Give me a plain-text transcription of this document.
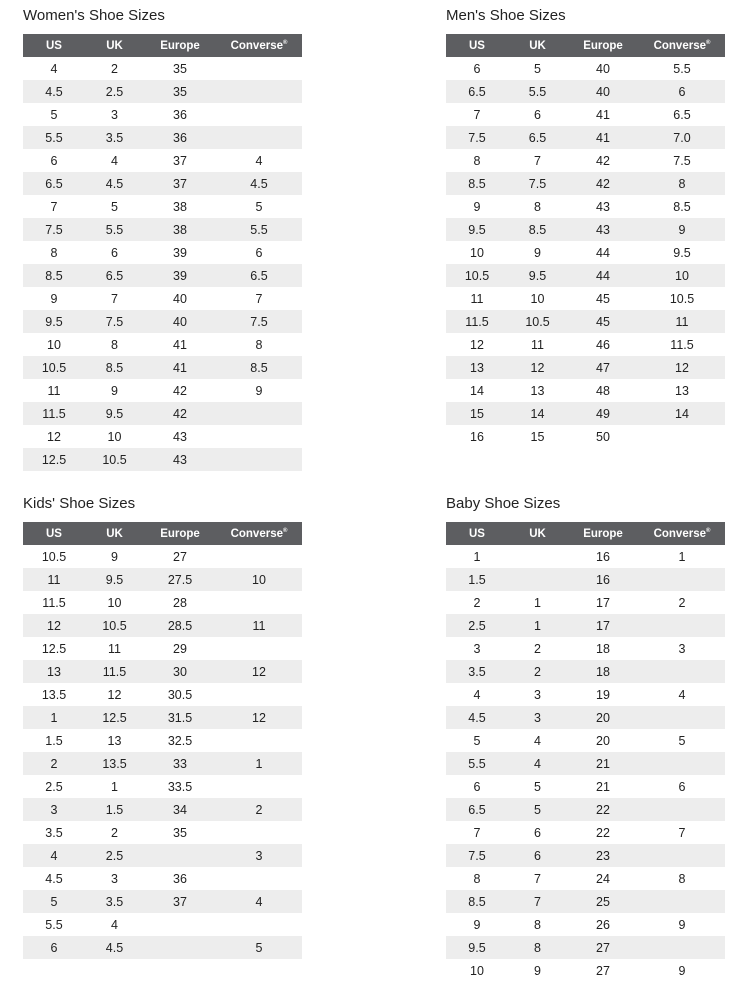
Women's Shoe Sizes
US	UK	Europe	Converse®
4	2	35	
4.5	2.5	35	
5	3	36	
5.5	3.5	36	
6	4	37	4
6.5	4.5	37	4.5
7	5	38	5
7.5	5.5	38	5.5
8	6	39	6
8.5	6.5	39	6.5
9	7	40	7
9.5	7.5	40	7.5
10	8	41	8
10.5	8.5	41	8.5
11	9	42	9
11.5	9.5	42	
12	10	43	
12.5	10.5	43	
Men's Shoe Sizes
US	UK	Europe	Converse®
6	5	40	5.5
6.5	5.5	40	6
7	6	41	6.5
7.5	6.5	41	7.0
8	7	42	7.5
8.5	7.5	42	8
9	8	43	8.5
9.5	8.5	43	9
10	9	44	9.5
10.5	9.5	44	10
11	10	45	10.5
11.5	10.5	45	11
12	11	46	11.5
13	12	47	12
14	13	48	13
15	14	49	14
16	15	50	
Kids' Shoe Sizes
US	UK	Europe	Converse®
10.5	9	27	
11	9.5	27.5	10
11.5	10	28	
12	10.5	28.5	11
12.5	11	29	
13	11.5	30	12
13.5	12	30.5	
1	12.5	31.5	12
1.5	13	32.5	
2	13.5	33	1
2.5	1	33.5	
3	1.5	34	2
3.5	2	35	
4	2.5		3
4.5	3	36	
5	3.5	37	4
5.5	4		
6	4.5		5
Baby Shoe Sizes
US	UK	Europe	Converse®
1		16	1
1.5		16	
2	1	17	2
2.5	1	17	
3	2	18	3
3.5	2	18	
4	3	19	4
4.5	3	20	
5	4	20	5
5.5	4	21	
6	5	21	6
6.5	5	22	
7	6	22	7
7.5	6	23	
8	7	24	8
8.5	7	25	
9	8	26	9
9.5	8	27	
10	9	27	9
